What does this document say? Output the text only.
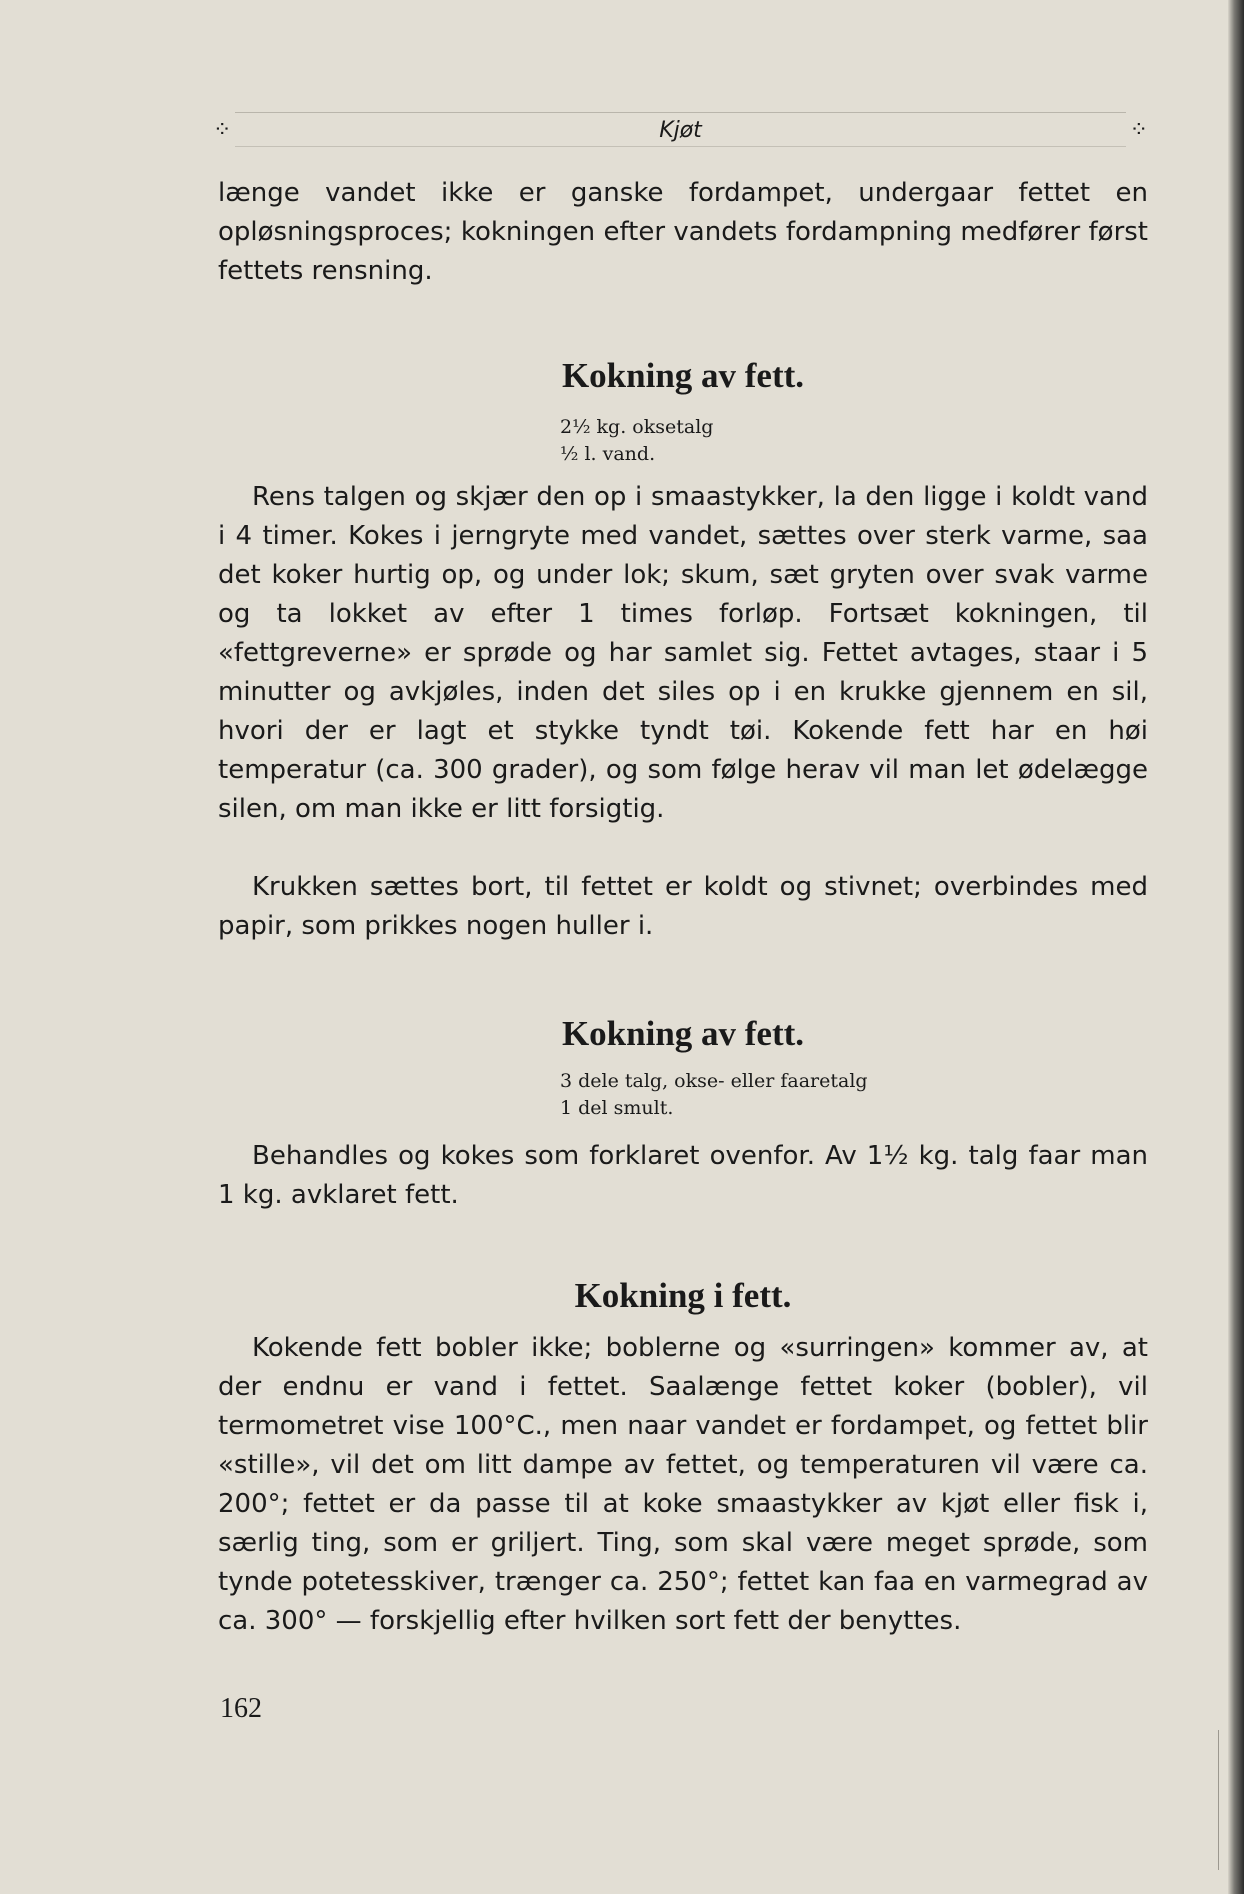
⁘	Kjøt	⁘

længe vandet ikke er ganske fordampet, undergaar fettet en opløsningsproces; kokningen efter vandets fordampning medfører først fettets rensning.

Kokning av fett.
2½ kg. oksetalg
½ l. vand.

Rens talgen og skjær den op i smaastykker, la den ligge i koldt vand i 4 timer. Kokes i jerngryte med vandet, sættes over sterk varme, saa det koker hurtig op, og under lok; skum, sæt gryten over svak varme og ta lokket av efter 1 times forløp. Fortsæt kokningen, til «fettgreverne» er sprøde og har samlet sig. Fettet avtages, staar i 5 minutter og avkjøles, inden det siles op i en krukke gjennem en sil, hvori der er lagt et stykke tyndt tøi. Kokende fett har en høi temperatur (ca. 300 grader), og som følge herav vil man let ødelægge silen, om man ikke er litt forsigtig.

Krukken sættes bort, til fettet er koldt og stivnet; overbindes med papir, som prikkes nogen huller i.

Kokning av fett.
3 dele talg, okse- eller faaretalg
1 del smult.

Behandles og kokes som forklaret ovenfor. Av 1½ kg. talg faar man 1 kg. avklaret fett.

Kokning i fett.

Kokende fett bobler ikke; boblerne og «surringen» kommer av, at der endnu er vand i fettet. Saalænge fettet koker (bobler), vil termometret vise 100°C., men naar vandet er fordampet, og fettet blir «stille», vil det om litt dampe av fettet, og temperaturen vil være ca. 200°; fettet er da passe til at koke smaastykker av kjøt eller fisk i, særlig ting, som er griljert. Ting, som skal være meget sprøde, som tynde potetesskiver, trænger ca. 250°; fettet kan faa en varmegrad av ca. 300° — forskjellig efter hvilken sort fett der benyttes.

162
